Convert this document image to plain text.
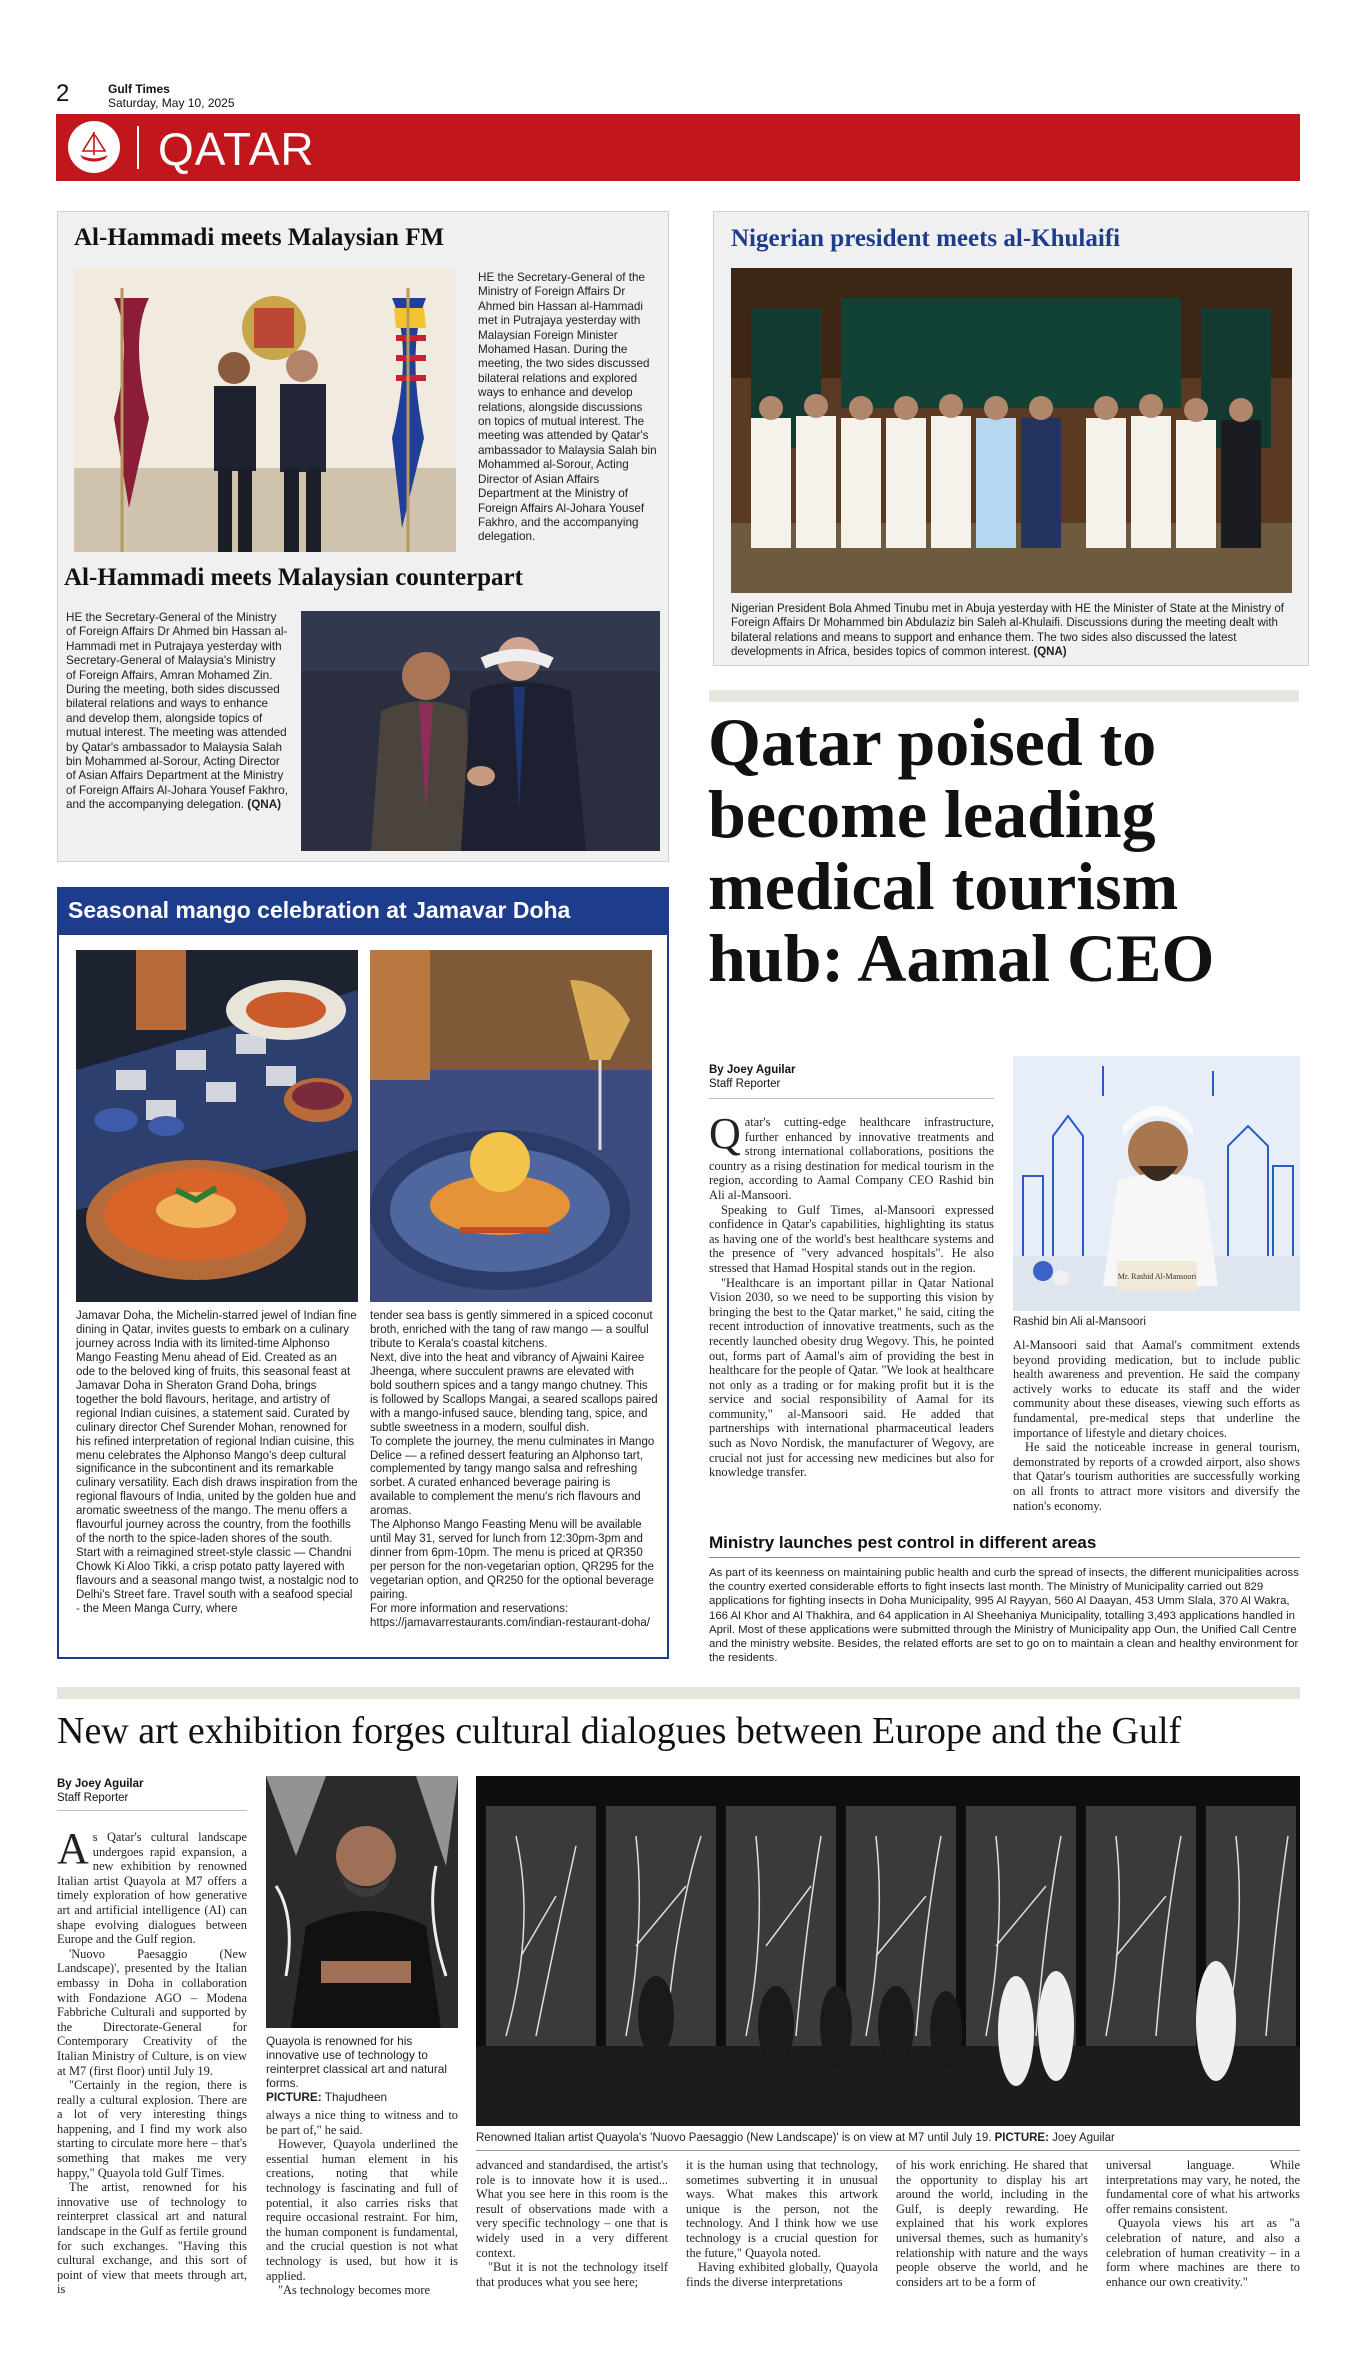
2	Gulf Times
Saturday, May 10, 2025
QATAR
Al-Hammadi meets Malaysian FM
HE the Secretary-General of the Ministry of Foreign Affairs Dr Ahmed bin Hassan al-Hammadi met in Putrajaya yesterday with Malaysian Foreign Minister Mohamed Hasan. During the meeting, the two sides discussed bilateral relations and explored ways to enhance and develop relations, alongside discussions on topics of mutual interest. The meeting was attended by Qatar's ambassador to Malaysia Salah bin Mohammed al-Sorour, Acting Director of Asian Affairs Department at the Ministry of Foreign Affairs Al-Johara Yousef Fakhro, and the accompanying delegation.
Al-Hammadi meets Malaysian counterpart
HE the Secretary-General of the Ministry of Foreign Affairs Dr Ahmed bin Hassan al-Hammadi met in Putrajaya yesterday with Secretary-General of Malaysia's Ministry of Foreign Affairs, Amran Mohamed Zin. During the meeting, both sides discussed bilateral relations and ways to enhance and develop them, alongside topics of mutual interest. The meeting was attended by Qatar's ambassador to Malaysia Salah bin Mohammed al-Sorour, Acting Director of Asian Affairs Department at the Ministry of Foreign Affairs Al-Johara Yousef Fakhro, and the accompanying delegation. (QNA)
Nigerian president meets al-Khulaifi
Nigerian President Bola Ahmed Tinubu met in Abuja yesterday with HE the Minister of State at the Ministry of Foreign Affairs Dr Mohammed bin Abdulaziz bin Saleh al-Khulaifi. Discussions during the meeting dealt with bilateral relations and means to support and enhance them. The two sides also discussed the latest developments in Africa, besides topics of common interest. (QNA)
Seasonal mango celebration at Jamavar Doha
Jamavar Doha, the Michelin-starred jewel of Indian fine dining in Qatar, invites guests to embark on a culinary journey across India with its limited-time Alphonso Mango Feasting Menu ahead of Eid. Created as an ode to the beloved king of fruits, this seasonal feast at Jamavar Doha in Sheraton Grand Doha, brings together the bold flavours, heritage, and artistry of regional Indian cuisines, a statement said. Curated by culinary director Chef Surender Mohan, renowned for his refined interpretation of regional Indian cuisine, this menu celebrates the Alphonso Mango's deep cultural significance in the subcontinent and its remarkable culinary versatility. Each dish draws inspiration from the regional flavours of India, united by the golden hue and aromatic sweetness of the mango. The menu offers a flavourful journey across the country, from the foothills of the north to the spice-laden shores of the south.
Start with a reimagined street-style classic — Chandni Chowk Ki Aloo Tikki, a crisp potato patty layered with flavours and a seasonal mango twist, a nostalgic nod to Delhi's Street fare. Travel south with a seafood special - the Meen Manga Curry, where
tender sea bass is gently simmered in a spiced coconut broth, enriched with the tang of raw mango — a soulful tribute to Kerala's coastal kitchens.
Next, dive into the heat and vibrancy of Ajwaini Kairee Jheenga, where succulent prawns are elevated with bold southern spices and a tangy mango chutney. This is followed by Scallops Mangai, a seared scallops paired with a mango-infused sauce, blending tang, spice, and subtle sweetness in a modern, soulful dish.
To complete the journey, the menu culminates in Mango Delice — a refined dessert featuring an Alphonso tart, complemented by tangy mango salsa and refreshing sorbet. A curated enhanced beverage pairing is available to complement the menu's rich flavours and aromas.
The Alphonso Mango Feasting Menu will be available until May 31, served for lunch from 12:30pm-3pm and dinner from 6pm-10pm. The menu is priced at QR350 per person for the non-vegetarian option, QR295 for the vegetarian option, and QR250 for the optional beverage pairing.
For more information and reservations: https://jamavarrestaurants.com/indian-restaurant-doha/
Qatar poised to become leading medical tourism hub: Aamal CEO
By Joey Aguilar
Staff Reporter
Mr. Rashid Al-Mansoori
Rashid bin Ali al-Mansoori
Q atar's cutting-edge healthcare infrastructure, further enhanced by innovative treatments and strong international collaborations, positions the country as a rising destination for medical tourism in the region, according to Aamal Company CEO Rashid bin Ali al-Mansoori.

Speaking to Gulf Times, al-Mansoori expressed confidence in Qatar's capabilities, highlighting its status as having one of the world's best healthcare systems and the presence of "very advanced hospitals". He also stressed that Hamad Hospital stands out in the region.

"Healthcare is an important pillar in Qatar National Vision 2030, so we need to be supporting this vision by bringing the best to the Qatar market," he said, citing the recent introduction of innovative treatments, such as the recently launched obesity drug Wegovy. This, he pointed out, forms part of Aamal's aim of providing the best in healthcare for the people of Qatar. "We look at healthcare not only as a trading or for making profit but it is the service and social responsibility of Aamal for its community," al-Mansoori said. He added that partnerships with international pharmaceutical leaders such as Novo Nordisk, the manufacturer of Wegovy, are crucial not just for accessing new medicines but also for knowledge transfer.

Al-Mansoori said that Aamal's commitment extends beyond providing medication, but to include public health awareness and prevention. He said the company actively works to educate its staff and the wider community about these diseases, viewing such efforts as fundamental, pre-medical steps that underline the importance of lifestyle and dietary choices.

He said the noticeable increase in general tourism, demonstrated by reports of a crowded airport, also shows that Qatar's tourism authorities are successfully working on all fronts to attract more visitors and diversify the nation's economy.

Ministry launches pest control in different areas
As part of its keenness on maintaining public health and curb the spread of insects, the different municipalities across the country exerted considerable efforts to fight insects last month. The Ministry of Municipality carried out 829 applications for fighting insects in Doha Municipality, 995 Al Rayyan, 560 Al Daayan, 453 Umm Slala, 370 Al Wakra, 166 Al Khor and Al Thakhira, and 64 application in Al Sheehaniya Municipality, totalling 3,493 applications handled in April. Most of these applications were submitted through the Ministry of Municipality app Oun, the Unified Call Centre and the ministry website. Besides, the related efforts are set to go on to maintain a clean and healthy environment for the residents.
New art exhibition forges cultural dialogues between Europe and the Gulf
By Joey Aguilar
Staff Reporter
A s Qatar's cultural landscape undergoes rapid expansion, a new exhibition by renowned Italian artist Quayola at M7 offers a timely exploration of how generative art and artificial intelligence (AI) can shape evolving dialogues between Europe and the Gulf region.

'Nuovo Paesaggio (New Landscape)', presented by the Italian embassy in Doha in collaboration with Fondazione AGO – Modena Fabbriche Culturali and supported by the Directorate-General for Contemporary Creativity of the Italian Ministry of Culture, is on view at M7 (first floor) until July 19.

"Certainly in the region, there is really a cultural explosion. There are a lot of very interesting things happening, and I find my work also starting to circulate more here – that's something that makes me very happy," Quayola told Gulf Times.

The artist, renowned for his innovative use of technology to reinterpret classical art and natural landscape in the Gulf as fertile ground for such exchanges. "Having this cultural exchange, and this sort of point of view that meets through art, is

Quayola is renowned for his innovative use of technology to reinterpret classical art and natural forms.
PICTURE: Thajudheen

always a nice thing to witness and to be part of," he said.

However, Quayola underlined the essential human element in his creations, noting that while technology is fascinating and full of potential, it also carries risks that require occasional restraint. For him, the human component is fundamental, and the crucial question is not what technology is used, but how it is applied.

"As technology becomes more

Renowned Italian artist Quayola's 'Nuovo Paesaggio (New Landscape)' is on view at M7 until July 19. PICTURE: Joey Aguilar

advanced and standardised, the artist's role is to innovate how it is used... What you see here in this room is the result of observations made with a very specific technology – one that is widely used in a very different context.

"But it is not the technology itself that produces what you see here;

it is the human using that technology, sometimes subverting it in unusual ways. What makes this artwork unique is the person, not the technology. And I think how we use technology is a crucial question for the future," Quayola noted.

Having exhibited globally, Quayola finds the diverse interpretations

of his work enriching. He shared that the opportunity to display his art around the world, including in the Gulf, is deeply rewarding. He explained that his work explores universal themes, such as humanity's relationship with nature and the ways people observe the world, and he considers art to be a form of

universal language. While interpretations may vary, he noted, the fundamental core of what his artworks offer remains consistent.

Quayola views his art as "a celebration of nature, and also a celebration of human creativity – in a form where machines are there to enhance our own creativity."
